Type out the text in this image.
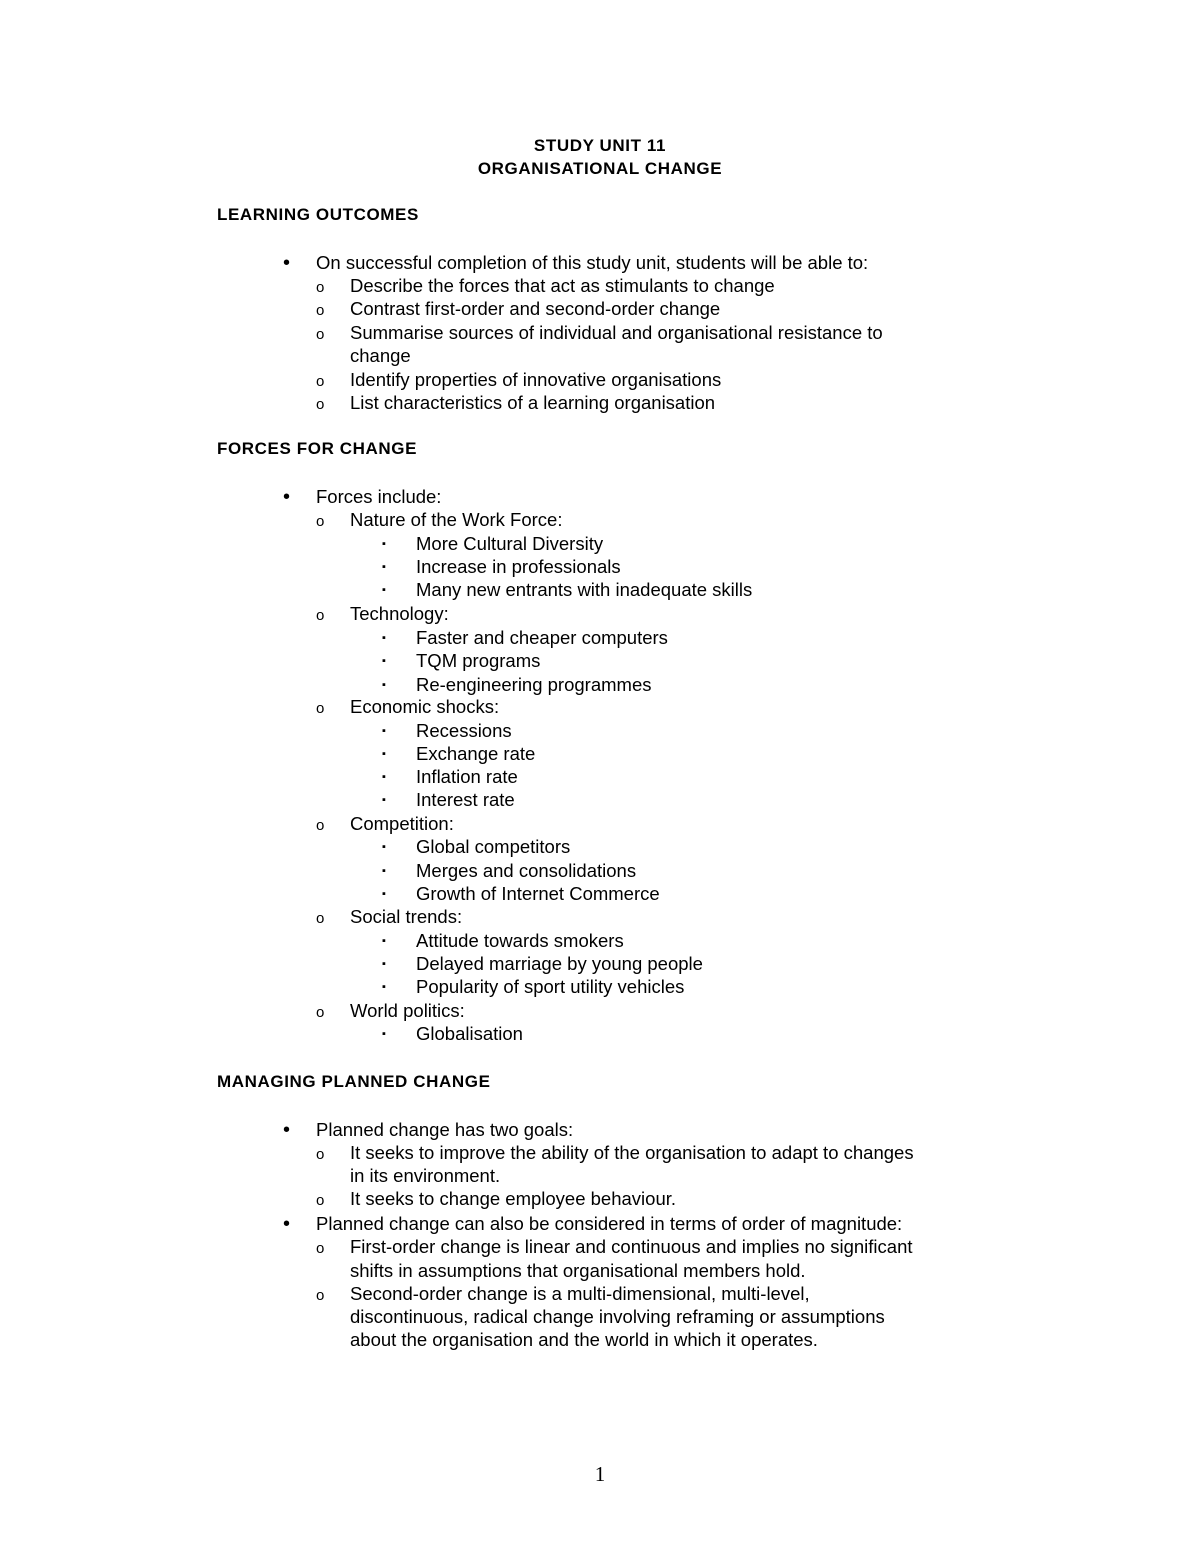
STUDY UNIT 11
ORGANISATIONAL CHANGE
LEARNING OUTCOMES
• On successful completion of this study unit, students will be able to:
o Describe the forces that act as stimulants to change
o Contrast first-order and second-order change
o Summarise sources of individual and organisational resistance to
change
o Identify properties of innovative organisations
o List characteristics of a learning organisation
FORCES FOR CHANGE
• Forces include:
o Nature of the Work Force:
▪ More Cultural Diversity
▪ Increase in professionals
▪ Many new entrants with inadequate skills
o Technology:
▪ Faster and cheaper computers
▪ TQM programs
▪ Re-engineering programmes
o Economic shocks:
▪ Recessions
▪ Exchange rate
▪ Inflation rate
▪ Interest rate
o Competition:
▪ Global competitors
▪ Merges and consolidations
▪ Growth of Internet Commerce
o Social trends:
▪ Attitude towards smokers
▪ Delayed marriage by young people
▪ Popularity of sport utility vehicles
o World politics:
▪ Globalisation
MANAGING PLANNED CHANGE
• Planned change has two goals:
o It seeks to improve the ability of the organisation to adapt to changes
in its environment.
o It seeks to change employee behaviour.
• Planned change can also be considered in terms of order of magnitude:
o First-order change is linear and continuous and implies no significant
shifts in assumptions that organisational members hold.
o Second-order change is a multi-dimensional, multi-level,
discontinuous, radical change involving reframing or assumptions
about the organisation and the world in which it operates.
1
